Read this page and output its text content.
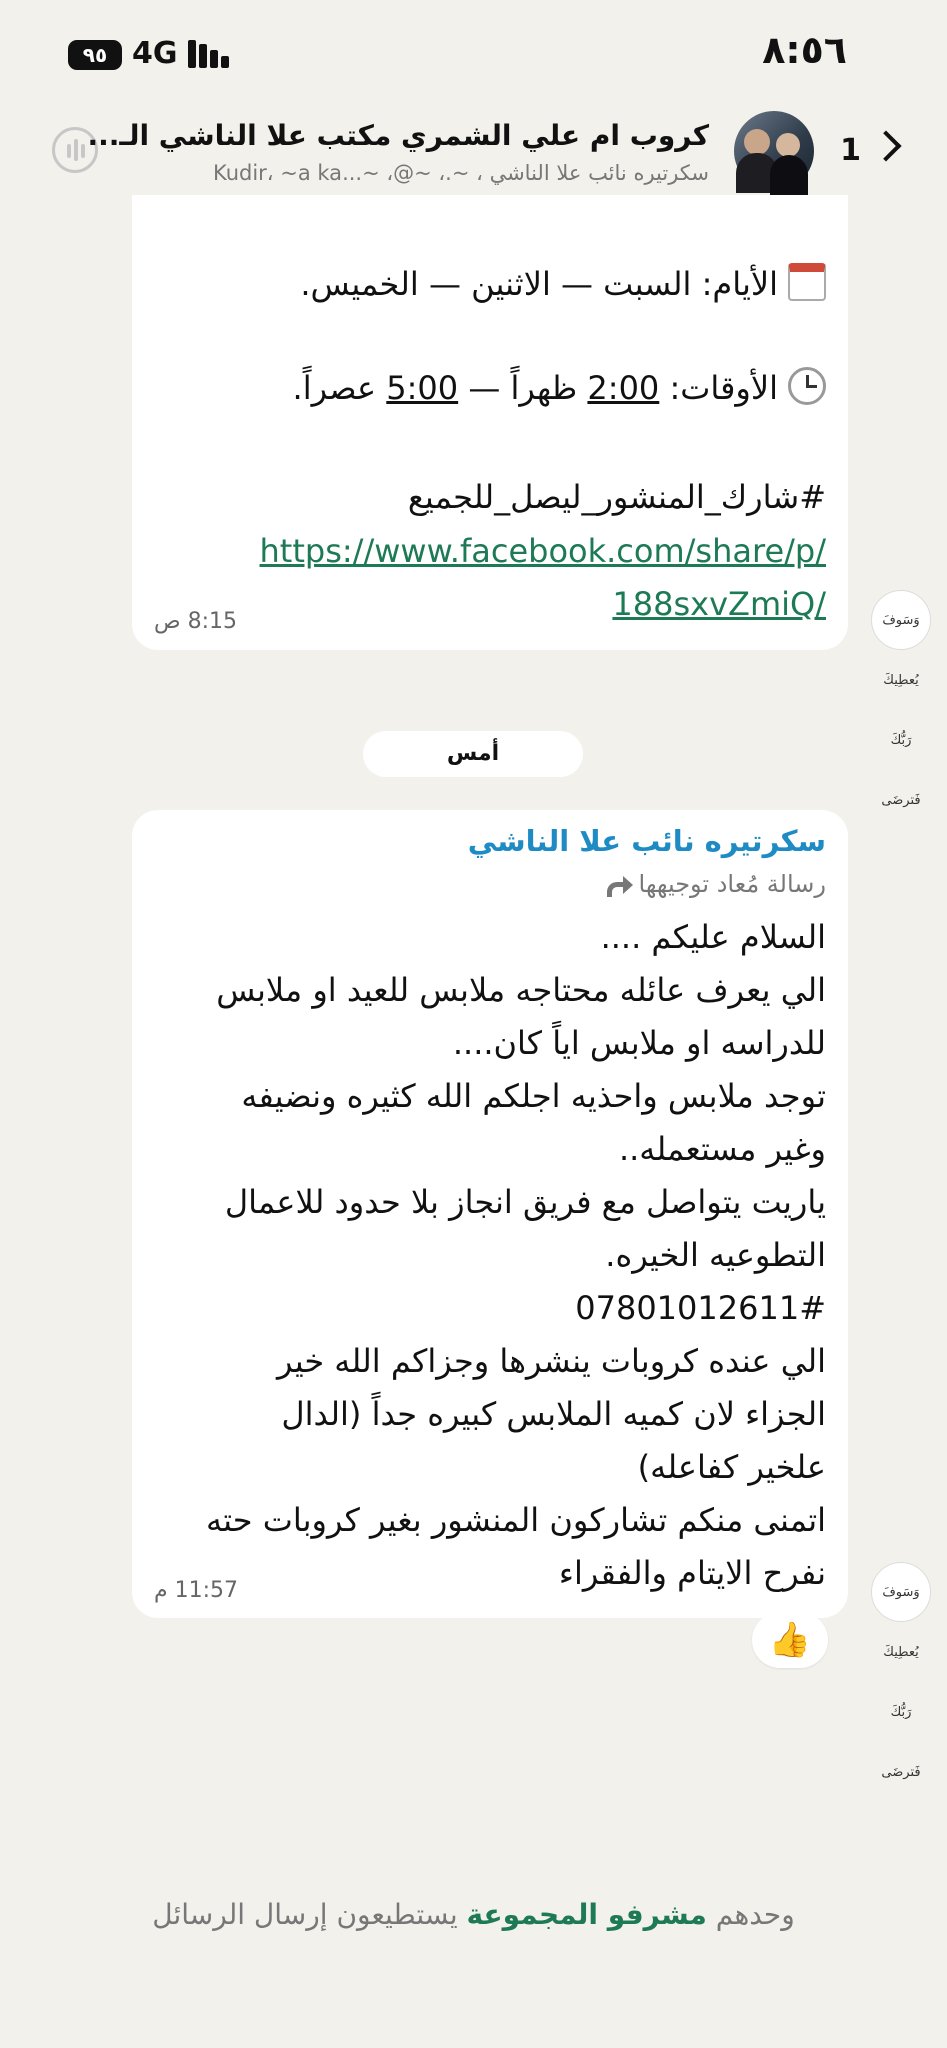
٩٥ 4G	٨:٥٦
كروب ام علي الشمري مكتب علا الناشي الـ...
سكرتيره نائب علا الناشي ، ~.، ~@، ~...Kudir، ~a ka
1
الأيام: السبت — الاثنين — الخميس.
الأوقات: 2:00 ظهراً — 5:00 عصراً.
#شارك_المنشور_ليصل_للجميع
https://www.facebook.com/share/p/
188sxvZmiQ/
8:15 ص	وَسَوفَ يُعطِيكَ رَبُّكَ فَترضَى
أمس
سكرتيره نائب علا الناشي
رسالة مُعاد توجيهها
السلام عليكم ....
الي يعرف عائله محتاجه ملابس للعيد او ملابس
للدراسه او ملابس اياً كان....
توجد ملابس واحذيه اجلكم الله كثيره ونضيفه
وغير مستعمله..
ياريت يتواصل مع فريق انجاز بلا حدود للاعمال
التطوعيه الخيره.
07801012611#
الي عنده كروبات ينشرها وجزاكم الله خير
الجزاء لان كميه الملابس كبيره جداً (الدال
علخير كفاعله)
اتمنى منكم تشاركون المنشور بغير كروبات حته
نفرح الايتام والفقراء
11:57 م	وَسَوفَ يُعطِيكَ رَبُّكَ فَترضَى
👍
وحدهم مشرفو المجموعة يستطيعون إرسال الرسائل
